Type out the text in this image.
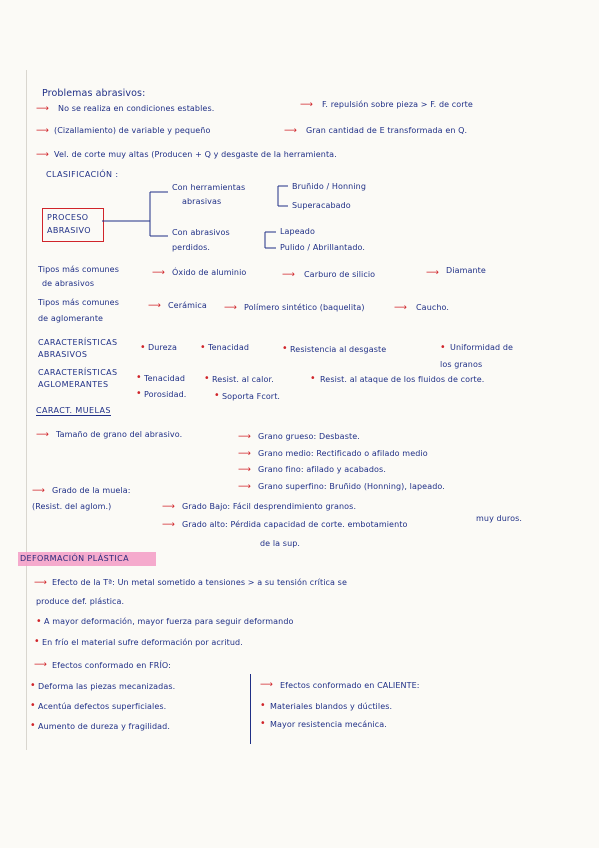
Problemas abrasivos:
⟶ No se realiza en condiciones estables.	⟶ F. repulsión sobre pieza > F. de corte
⟶ (Cizallamiento) de variable y pequeño	⟶ Gran cantidad de E transformada en Q.
⟶ Vel. de corte muy altas (Producen + Q y desgaste de la herramienta.
CLASIFICACIÓN :
PROCESO
ABRASIVO
Con herramientas
abrasivas
Bruñido / Honning
Superacabado
Con abrasivos
perdidos.
Lapeado
Pulido / Abrillantado.
Tipos más comunes
de abrasivos
⟶ Óxido de aluminio	⟶ Carburo de silicio	⟶ Diamante
Tipos más comunes
de aglomerante
⟶ Cerámica ⟶ Polímero sintético (baquelita)	⟶ Caucho.
CARACTERÍSTICAS
ABRASIVOS
• Dureza • Tenacidad	• Resistencia al desgaste	• Uniformidad de
los granos
CARACTERÍSTICAS
AGLOMERANTES
• Tenacidad • Resist. al calor.	• Resist. al ataque de los fluidos de corte.
• Porosidad.	• Soporta Fcort.
CARACT. MUELAS
⟶ Tamaño de grano del abrasivo.	⟶ Grano grueso: Desbaste.
⟶ Grano medio: Rectificado o afilado medio
⟶ Grano fino: afilado y acabados.
⟶ Grano superfino: Bruñido (Honning), lapeado.
⟶ Grado de la muela:
(Resist. del aglom.)	⟶ Grado Bajo: Fácil desprendimiento granos.
muy duros.
⟶ Grado alto: Pérdida capacidad de corte. embotamiento
de la sup.
DEFORMACIÓN PLÁSTICA
⟶ Efecto de la Tª: Un metal sometido a tensiones > a su tensión crítica se
produce def. plástica.
• A mayor deformación, mayor fuerza para seguir deformando
• En frío el material sufre deformación por acritud.
⟶ Efectos conformado en FRÍO:
• Deforma las piezas mecanizadas.
• Acentúa defectos superficiales.
• Aumento de dureza y fragilidad.
⟶ Efectos conformado en CALIENTE:
• Materiales blandos y dúctiles.
• Mayor resistencia mecánica.
